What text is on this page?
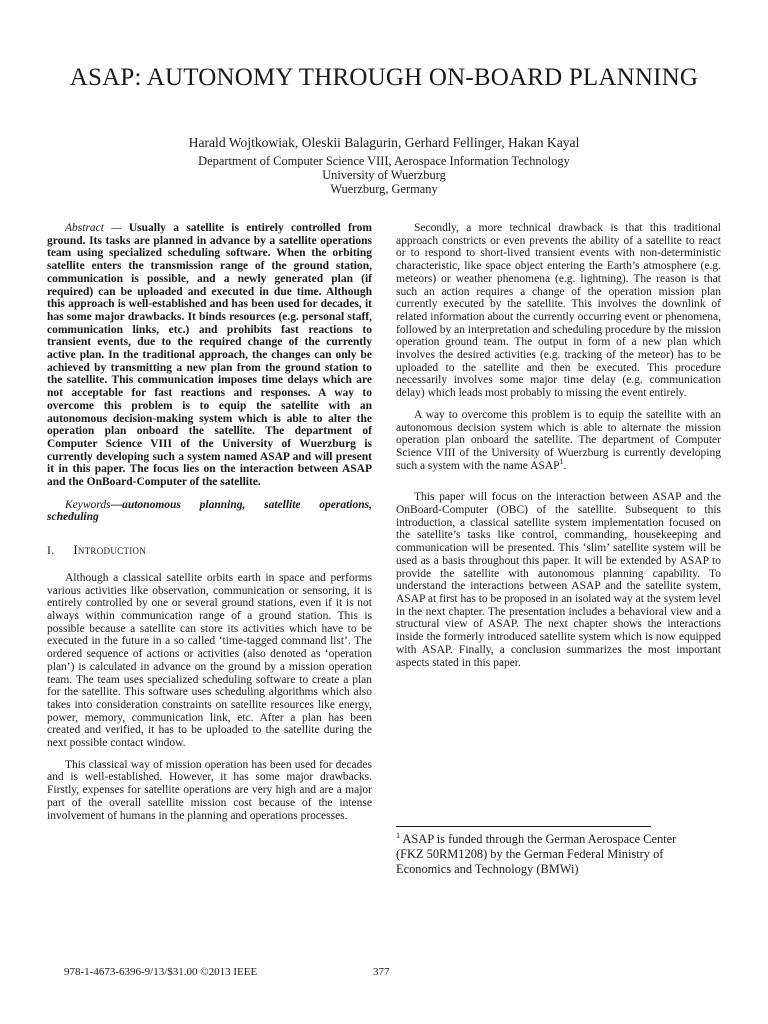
ASAP: AUTONOMY THROUGH ON-BOARD PLANNING
Harald Wojtkowiak, Oleskii Balagurin, Gerhard Fellinger, Hakan Kayal
Department of Computer Science VIII, Aerospace Information Technology
University of Wuerzburg
Wuerzburg, Germany

Abstract — Usually a satellite is entirely controlled from ground. Its tasks are planned in advance by a satellite operations team using specialized scheduling software. When the orbiting satellite enters the transmission range of the ground station, communication is possible, and a newly generated plan (if required) can be uploaded and executed in due time. Although this approach is well-established and has been used for decades, it has some major drawbacks. It binds resources (e.g. personal staff, communication links, etc.) and prohibits fast reactions to transient events, due to the required change of the currently active plan. In the traditional approach, the changes can only be achieved by transmitting a new plan from the ground station to the satellite. This communication imposes time delays which are not acceptable for fast reactions and responses. A way to overcome this problem is to equip the satellite with an autonomous decision-making system which is able to alter the operation plan onboard the satellite. The department of Computer Science VIII of the University of Wuerzburg is currently developing such a system named ASAP and will present it in this paper. The focus lies on the interaction between ASAP and the OnBoard-Computer of the satellite.

Keywords—autonomous planning, satellite operations, scheduling

I. Introduction

Although a classical satellite orbits earth in space and performs various activities like observation, communication or sensoring, it is entirely controlled by one or several ground stations, even if it is not always within communication range of a ground station. This is possible because a satellite can store its activities which have to be executed in the future in a so called ‘time-tagged command list’. The ordered sequence of actions or activities (also denoted as ‘operation plan’) is calculated in advance on the ground by a mission operation team. The team uses specialized scheduling software to create a plan for the satellite. This software uses scheduling algorithms which also takes into consideration constraints on satellite resources like energy, power, memory, communication link, etc. After a plan has been created and verified, it has to be uploaded to the satellite during the next possible contact window.

This classical way of mission operation has been used for decades and is well-established. However, it has some major drawbacks. Firstly, expenses for satellite operations are very high and are a major part of the overall satellite mission cost because of the intense involvement of humans in the planning and operations processes.

Secondly, a more technical drawback is that this traditional approach constricts or even prevents the ability of a satellite to react or to respond to short-lived transient events with non-deterministic characteristic, like space object entering the Earth’s atmosphere (e.g. meteors) or weather phenomena (e.g. lightning). The reason is that such an action requires a change of the operation mission plan currently executed by the satellite. This involves the downlink of related information about the currently occurring event or phenomena, followed by an interpretation and scheduling procedure by the mission operation ground team. The output in form of a new plan which involves the desired activities (e.g. tracking of the meteor) has to be uploaded to the satellite and then be executed. This procedure necessarily involves some major time delay (e.g. communication delay) which leads most probably to missing the event entirely.

A way to overcome this problem is to equip the satellite with an autonomous decision system which is able to alternate the mission operation plan onboard the satellite. The department of Computer Science VIII of the University of Wuerzburg is currently developing such a system with the name ASAP$^1$.

This paper will focus on the interaction between ASAP and the OnBoard-Computer (OBC) of the satellite. Subsequent to this introduction, a classical satellite system implementation focused on the satellite’s tasks like control, commanding, housekeeping and communication will be presented. This ‘slim’ satellite system will be used as a basis throughout this paper. It will be extended by ASAP to provide the satellite with autonomous planning capability. To understand the interactions between ASAP and the satellite system, ASAP at first has to be proposed in an isolated way at the system level in the next chapter. The presentation includes a behavioral view and a structural view of ASAP. The next chapter shows the interactions inside the formerly introduced satellite system which is now equipped with ASAP. Finally, a conclusion summarizes the most important aspects stated in this paper.

$^1$ ASAP is funded through the German Aerospace Center (FKZ 50RM1208) by the German Federal Ministry of Economics and Technology (BMWi)
978-1-4673-6396-9/13/$31.00 ©2013 IEEE	377
